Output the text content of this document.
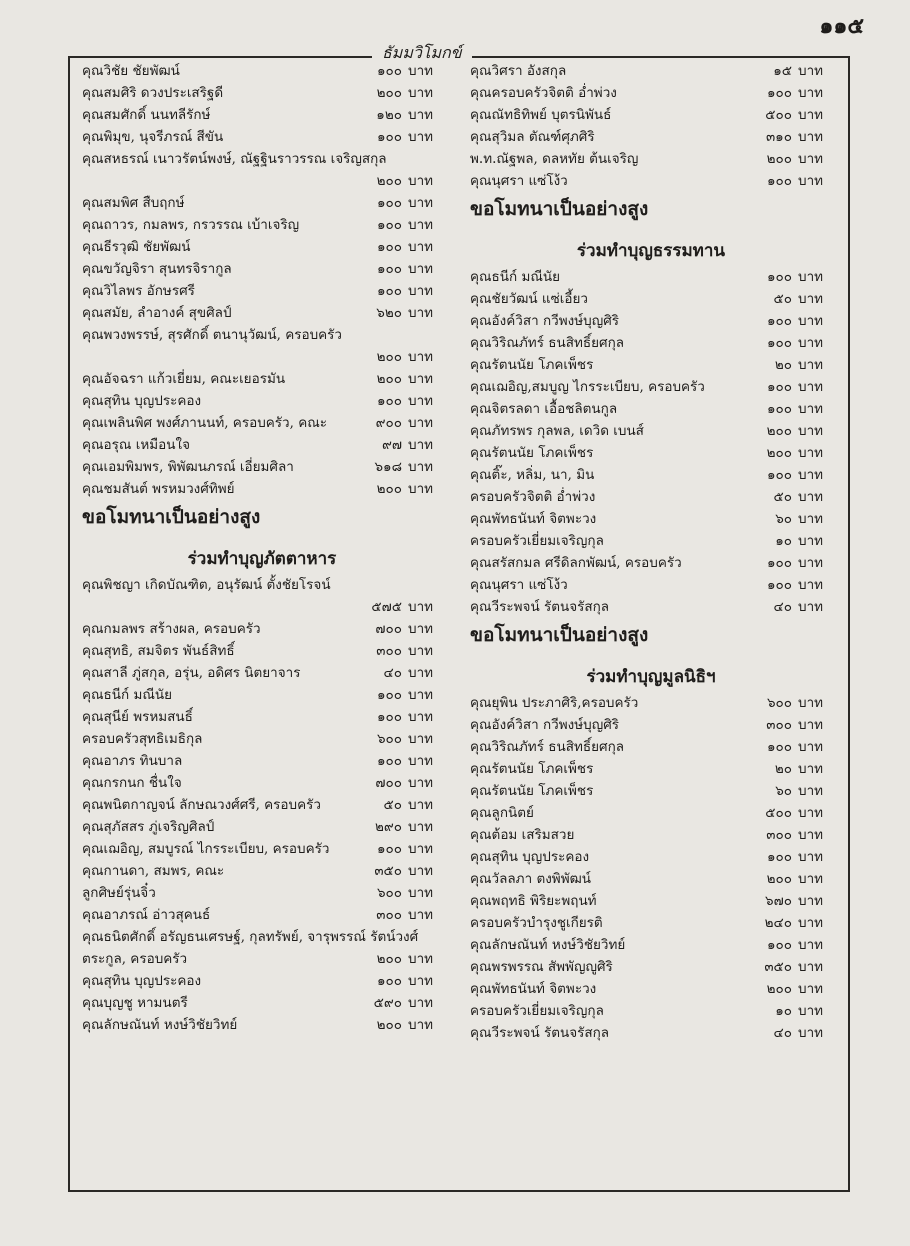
๑๑๕
ธัมมวิโมกข์
คุณวิชัย ชัยพัฒน์	๑๐๐ บาท
คุณสมศิริ ดวงประเสริฐดี	๒๐๐ บาท
คุณสมศักดิ์ นนทลีรักษ์	๑๒๐ บาท
คุณพิมุข, นุจรีภรณ์ สีขัน	๑๐๐ บาท
คุณสหธรณ์ เนาวรัตน์พงษ์, ณัฐฐินราวรรณ เจริญสกุล
๒๐๐ บาท
คุณสมพิศ สืบฤกษ์	๑๐๐ บาท
คุณถาวร, กมลพร, กรวรรณ เบ้าเจริญ	๑๐๐ บาท
คุณธีรวุฒิ ชัยพัฒน์	๑๐๐ บาท
คุณขวัญจิรา สุนทรจิรากูล	๑๐๐ บาท
คุณวิไลพร อักษรศรี	๑๐๐ บาท
คุณสมัย, ลำอางค์ สุขศิลป์	๖๒๐ บาท
คุณพวงพรรษ์, สุรศักดิ์ ตนานุวัฒน์, ครอบครัว
๒๐๐ บาท
คุณอัจฉรา แก้วเยี่ยม, คณะเยอรมัน	๒๐๐ บาท
คุณสุทิน บุญประคอง	๑๐๐ บาท
คุณเพลินพิศ พงศ์ภานนท์, ครอบครัว, คณะ	๙๐๐ บาท
คุณอรุณ เหมือนใจ	๙๗ บาท
คุณเอมพิมพร, พิพัฒนภรณ์ เอี่ยมศิลา	๖๑๘ บาท
คุณชมสันต์ พรหมวงศ์ทิพย์	๒๐๐ บาท
ขอโมทนาเป็นอย่างสูง
ร่วมทำบุญภัตตาหาร
คุณพิชญา เกิดบัณฑิต, อนุรัฒน์ ตั้งชัยโรจน์
๕๗๕ บาท
คุณกมลพร สร้างผล, ครอบครัว	๗๐๐ บาท
คุณสุทธิ, สมจิตร พันธ์สิทธิ์	๓๐๐ บาท
คุณสาลี ภู่สกุล, อรุ่น, อดิศร นิตยาจาร	๔๐ บาท
คุณธนีก์ มณีนัย	๑๐๐ บาท
คุณสุนีย์ พรหมสนธิ์	๑๐๐ บาท
ครอบครัวสุทธิเมธิกุล	๖๐๐ บาท
คุณอาภร ทินบาล	๑๐๐ บาท
คุณกรกนก ชื่นใจ	๗๐๐ บาท
คุณพนิตกาญจน์ ลักษณวงศ์ศรี, ครอบครัว	๕๐ บาท
คุณสุภัสสร ภู่เจริญศิลป์	๒๙๐ บาท
คุณเฌอิญ, สมบูรณ์ ไกรระเบียบ, ครอบครัว	๑๐๐ บาท
คุณกานดา, สมพร, คณะ	๓๕๐ บาท
ลูกศิษย์รุ่นจิ๋ว	๖๐๐ บาท
คุณอาภรณ์ อ่าวสุคนธ์	๓๐๐ บาท
คุณธนิตศักดิ์ อรัญธนเศรษฐ์, กุลทรัพย์, จารุพรรณ์ รัตน์วงศ์ตระกูล, ครอบครัว	๒๐๐ บาท
คุณสุทิน บุญประคอง	๑๐๐ บาท
คุณบุญชู หามนตรี	๕๙๐ บาท
คุณลักษณันท์ หงษ์วิชัยวิทย์	๒๐๐ บาท
คุณวิศรา อังสกุล	๑๕ บาท
คุณครอบครัวจิตติ อ่ำพ่วง	๑๐๐ บาท
คุณณัทธิทิพย์ บุตรนิพันธ์	๕๐๐ บาท
คุณสุวิมล ตัณฑ์ศุภศิริ	๓๑๐ บาท
พ.ท.ณัฐพล, ดลหทัย ต้นเจริญ	๒๐๐ บาท
คุณนุศรา แซ่โง้ว	๑๐๐ บาท
ขอโมทนาเป็นอย่างสูง
ร่วมทำบุญธรรมทาน
คุณธนีก์ มณีนัย	๑๐๐ บาท
คุณชัยวัฒน์ แซ่เอี้ยว	๕๐ บาท
คุณอังค์วิสา กวีพงษ์บุญศิริ	๑๐๐ บาท
คุณวิริณภัทร์ ธนสิทธิ์ยศกุล	๑๐๐ บาท
คุณรัตนนัย โภคเพ็ชร	๒๐ บาท
คุณเฌอิญ,สมบูญ ไกรระเบียบ, ครอบครัว	๑๐๐ บาท
คุณจิตรลดา เอื้อชลิตนกูล	๑๐๐ บาท
คุณภัทรพร กุลพล, เดวิด เบนส์	๒๐๐ บาท
คุณรัตนนัย โภคเพ็ชร	๒๐๐ บาท
คุณติ๊ะ, หลิ่ม, นา, มิน	๑๐๐ บาท
ครอบครัวจิตติ อ่ำพ่วง	๕๐ บาท
คุณพัทธนันท์ จิตพะวง	๖๐ บาท
ครอบครัวเยี่ยมเจริญกุล	๑๐ บาท
คุณสรัสกมล ศรีดิลกพัฒน์, ครอบครัว	๑๐๐ บาท
คุณนุศรา แซ่โง้ว	๑๐๐ บาท
คุณวีระพจน์ รัตนจรัสกุล	๔๐ บาท
ขอโมทนาเป็นอย่างสูง
ร่วมทำบุญมูลนิธิฯ
คุณยุพิน ประภาศิริ,ครอบครัว	๖๐๐ บาท
คุณอังค์วิสา กวีพงษ์บุญศิริ	๓๐๐ บาท
คุณวิริณภัทร์ ธนสิทธิ์ยศกุล	๑๐๐ บาท
คุณรัตนนัย โภคเพ็ชร	๒๐ บาท
คุณรัตนนัย โภคเพ็ชร	๖๐ บาท
คุณลูกนิตย์	๕๐๐ บาท
คุณต้อม เสริมสวย	๓๐๐ บาท
คุณสุทิน บุญประคอง	๑๐๐ บาท
คุณวัลลภา ตงพิพัฒน์	๒๐๐ บาท
คุณพฤทธิ พิริยะพฤนท์	๖๗๐ บาท
ครอบครัวบำรุงชูเกียรติ	๒๔๐ บาท
คุณลักษณันท์ หงษ์วิชัยวิทย์	๑๐๐ บาท
คุณพรพรรณ สัพพัญญูศิริ	๓๕๐ บาท
คุณพัทธนันท์ จิตพะวง	๒๐๐ บาท
ครอบครัวเยี่ยมเจริญกุล	๑๐ บาท
คุณวีระพจน์ รัตนจรัสกุล	๔๐ บาท
